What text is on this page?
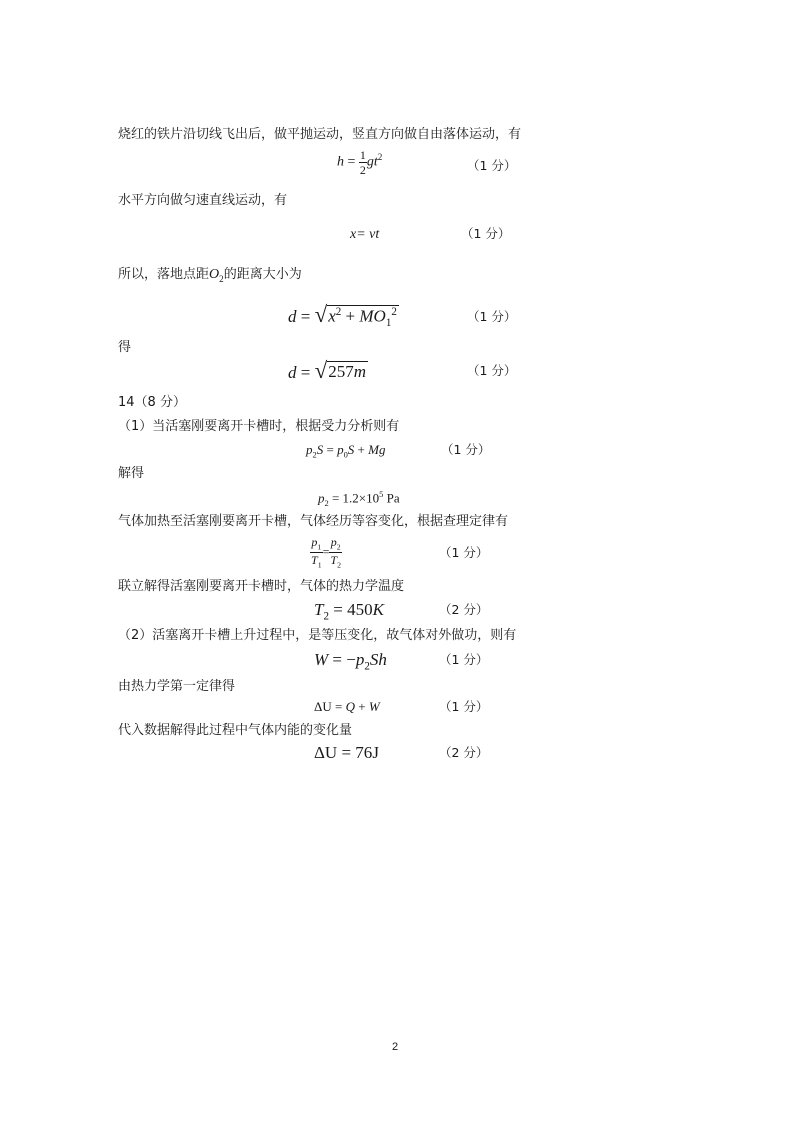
烧红的铁片沿切线飞出后，做平抛运动，竖直方向做自由落体运动，有
$h = \frac{1}{2} gt^2$
（1 分）
水平方向做匀速直线运动，有
x= vt	（1 分）
所以，落地点距$O_2$的距离大小为
d = √ $x^2 + MO_1^2$	（1 分）
得
d = √ 257m	（1 分）
14（8 分）
（1）当活塞刚要离开卡槽时，根据受力分析则有
$p_2S = p_0S + Mg$	（1 分）
解得
$p_2 = 1.2\times 10^5$ Pa
气体加热至活塞刚要离开卡槽，气体经历等容变化，根据查理定律有
$\frac{p_1}{T_1} = \frac{p_2}{T_2}$	（1 分）
联立解得活塞刚要离开卡槽时，气体的热力学温度
$T_2 = 450K$	（2 分）
（2）活塞离开卡槽上升过程中，是等压变化，故气体对外做功，则有
$W = -p_2Sh$	（1 分）
由热力学第一定律得
ΔU = Q + W	（1 分）
代入数据解得此过程中气体内能的变化量
ΔU = 76J	（2 分）
2
